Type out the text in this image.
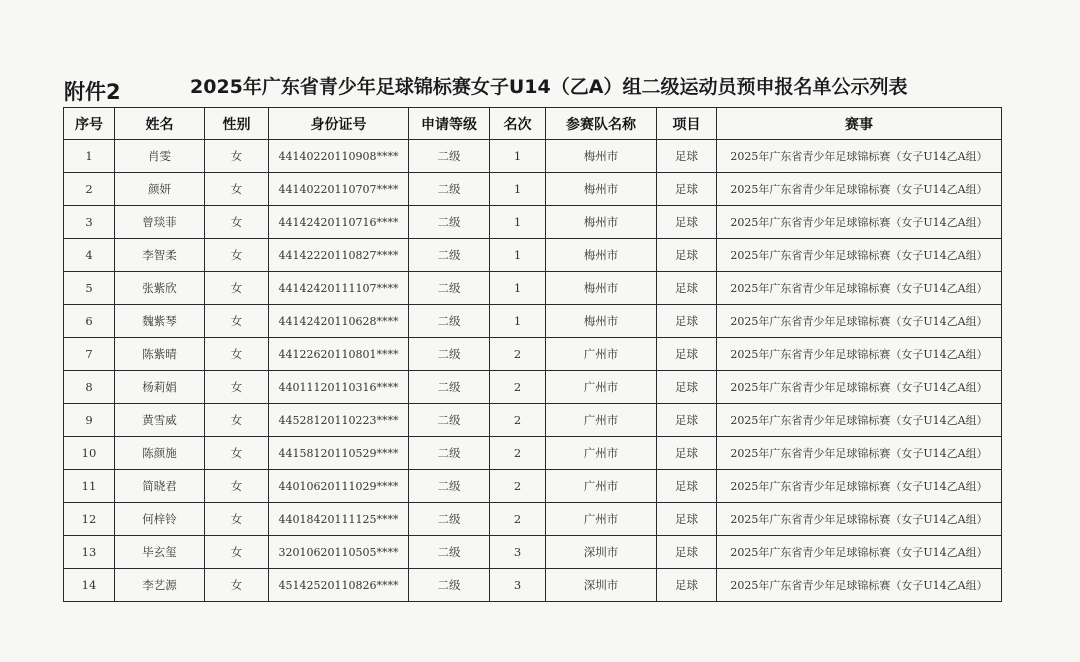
附件2	2025年广东省青少年足球锦标赛女子U14（乙A）组二级运动员预申报名单公示列表
序号	姓名	性别	身份证号	申请等级	名次	参赛队名称	项目	赛事
1	肖雯	女	44140220110908****	二级	1	梅州市	足球	2025年广东省青少年足球锦标赛（女子U14乙A组）
2	颜妍	女	44140220110707****	二级	1	梅州市	足球	2025年广东省青少年足球锦标赛（女子U14乙A组）
3	曾琰菲	女	44142420110716****	二级	1	梅州市	足球	2025年广东省青少年足球锦标赛（女子U14乙A组）
4	李智柔	女	44142220110827****	二级	1	梅州市	足球	2025年广东省青少年足球锦标赛（女子U14乙A组）
5	张紫欣	女	44142420111107****	二级	1	梅州市	足球	2025年广东省青少年足球锦标赛（女子U14乙A组）
6	魏紫琴	女	44142420110628****	二级	1	梅州市	足球	2025年广东省青少年足球锦标赛（女子U14乙A组）
7	陈紫晴	女	44122620110801****	二级	2	广州市	足球	2025年广东省青少年足球锦标赛（女子U14乙A组）
8	杨莉娟	女	44011120110316****	二级	2	广州市	足球	2025年广东省青少年足球锦标赛（女子U14乙A组）
9	黄雪威	女	44528120110223****	二级	2	广州市	足球	2025年广东省青少年足球锦标赛（女子U14乙A组）
10	陈颜施	女	44158120110529****	二级	2	广州市	足球	2025年广东省青少年足球锦标赛（女子U14乙A组）
11	简晓君	女	44010620111029****	二级	2	广州市	足球	2025年广东省青少年足球锦标赛（女子U14乙A组）
12	何梓铃	女	44018420111125****	二级	2	广州市	足球	2025年广东省青少年足球锦标赛（女子U14乙A组）
13	毕玄玺	女	32010620110505****	二级	3	深圳市	足球	2025年广东省青少年足球锦标赛（女子U14乙A组）
14	李艺源	女	45142520110826****	二级	3	深圳市	足球	2025年广东省青少年足球锦标赛（女子U14乙A组）
